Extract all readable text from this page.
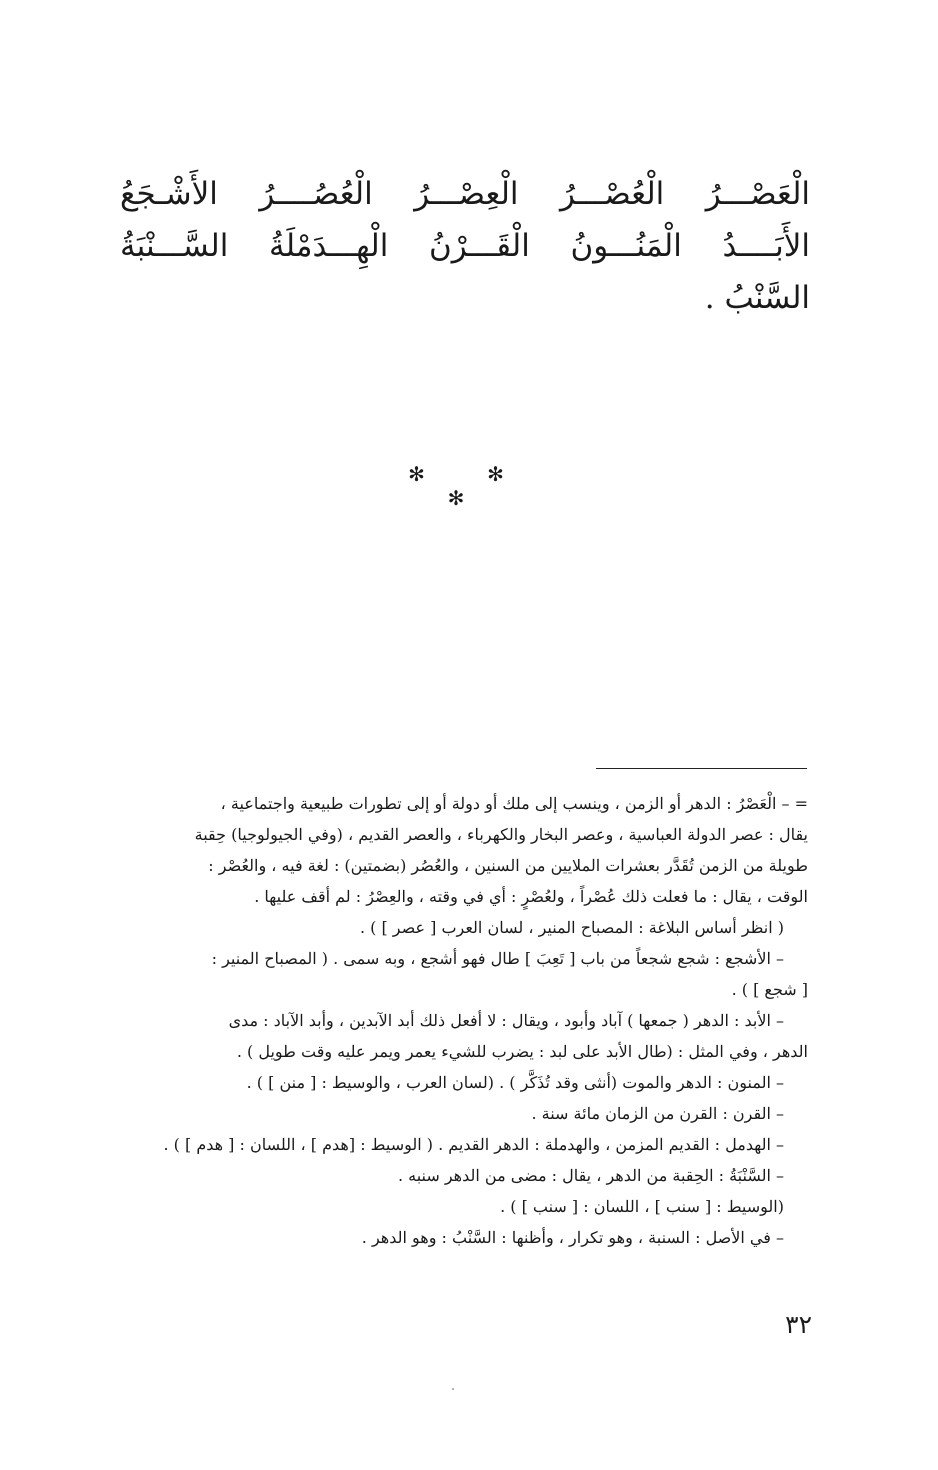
الْعَصْـــرُ
الْعُصْـــرُ
الْعِصْـــرُ
الْعُصُــــرُ
الأَشْـجَعُ
الأَبَــــدُ
الْمَنُـــونُ
الْقَـــرْنُ
الْهِـــدَمْلَةُ
السَّـــنْبَةُ
السَّنْبُ .
✻ ✻ ✻
= – الْعَصْرُ : الدهر أو الزمن ، وينسب إلى ملك أو دولة أو إلى تطورات طبيعية واجتماعية ،
يقال : عصر الدولة العباسية ، وعصر البخار والكهرباء ، والعصر القديم ، (وفي الجيولوجيا) حِقبة
طويلة من الزمن تُقَدَّر بعشرات الملايين من السنين ، والعُصُر (بضمتين) : لغة فيه ، والعُصْر :
الوقت ، يقال : ما فعلت ذلك عُصْراً ، ولعُصْرٍ : أي في وقته ، والعِصْرُ : لم أقف عليها .
( انظر أساس البلاغة : المصباح المنير ، لسان العرب [ عصر ] ) .
– الأشجع : شجع شجعاً من باب [ تَعِبَ ] طال فهو أشجع ، وبه سمى . ( المصباح المنير :
[ شجع ] ) .
– الأبد : الدهر ( جمعها ) آباد وأبود ، ويقال : لا أفعل ذلك أبد الآبدين ، وأبد الآباد : مدى
الدهر ، وفي المثل : (طال الأبد على لبد : يضرب للشيء يعمر ويمر عليه وقت طويل ) .
– المنون : الدهر والموت (أنثى وقد تُذَكَّر ) . (لسان العرب ، والوسيط : [ منن ] ) .
– القرن : القرن من الزمان مائة سنة .
– الهدمل : القديم المزمن ، والهدملة : الدهر القديم . ( الوسيط : [هدم ] ، اللسان : [ هدم ] ) .
– السَّنْبَةُ : الحِقبة من الدهر ، يقال : مضى من الدهر سنبه .
(الوسيط : [ سنب ] ، اللسان : [ سنب ] ) .
– في الأصل : السنبة ، وهو تكرار ، وأظنها : السَّنْبُ : وهو الدهر .
٣٢
